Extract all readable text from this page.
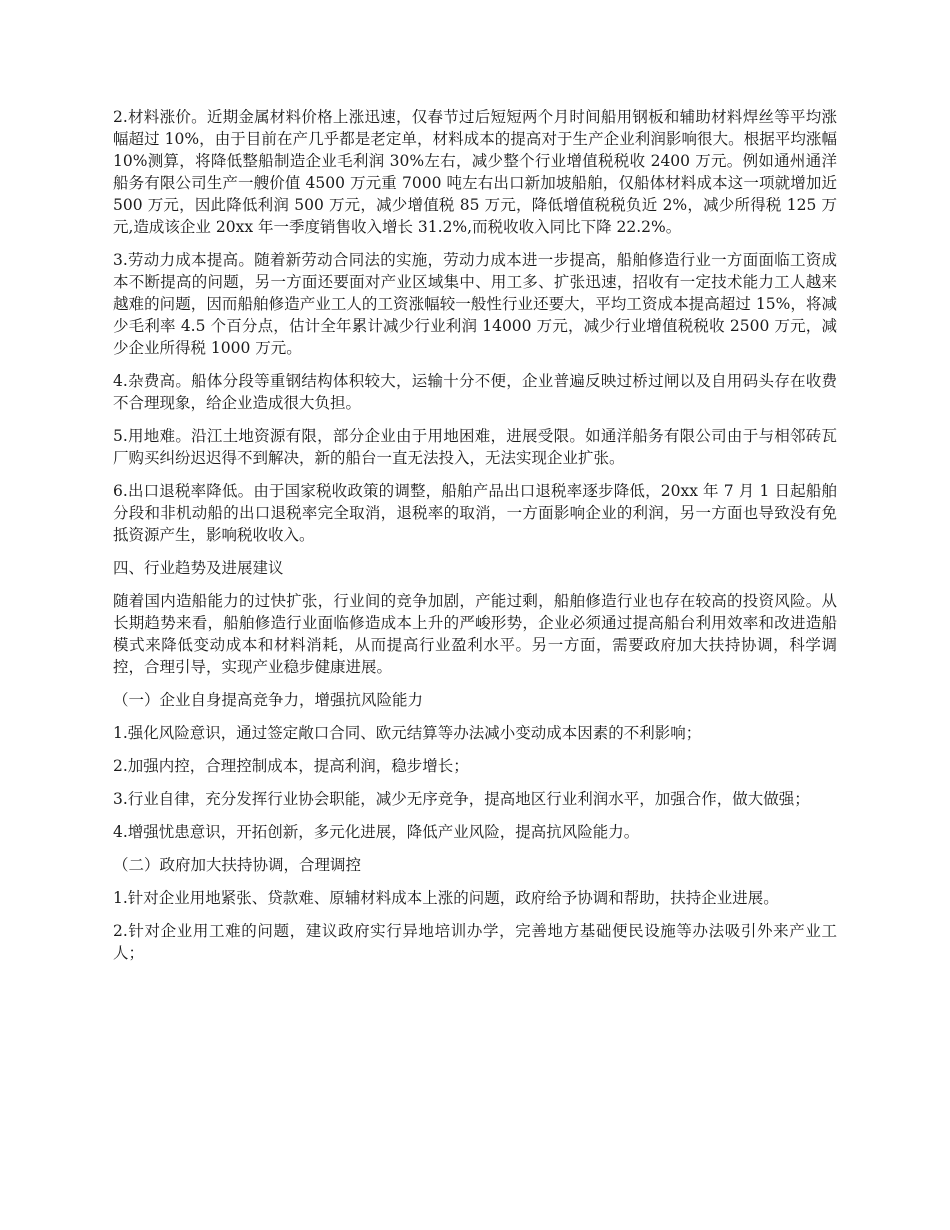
2.材料涨价。近期金属材料价格上涨迅速，仅春节过后短短两个月时间船用钢板和辅助材料焊丝等平均涨幅超过 10%，由于目前在产几乎都是老定单，材料成本的提高对于生产企业利润影响很大。根据平均涨幅 10%测算，将降低整船制造企业毛利润 30%左右，减少整个行业增值税税收 2400 万元。例如通州通洋船务有限公司生产一艘价值 4500 万元重 7000 吨左右出口新加坡船舶，仅船体材料成本这一项就增加近 500 万元，因此降低利润 500 万元，减少增值税 85 万元，降低增值税税负近 2%，减少所得税 125 万元,造成该企业 20xx 年一季度销售收入增长 31.2%,而税收收入同比下降 22.2%。

3.劳动力成本提高。随着新劳动合同法的实施，劳动力成本进一步提高，船舶修造行业一方面面临工资成本不断提高的问题，另一方面还要面对产业区域集中、用工多、扩张迅速，招收有一定技术能力工人越来越难的问题，因而船舶修造产业工人的工资涨幅较一般性行业还要大，平均工资成本提高超过 15%，将减少毛利率 4.5 个百分点，估计全年累计减少行业利润 14000 万元，减少行业增值税税收 2500 万元，减少企业所得税 1000 万元。

4.杂费高。船体分段等重钢结构体积较大，运输十分不便，企业普遍反映过桥过闸以及自用码头存在收费不合理现象，给企业造成很大负担。

5.用地难。沿江土地资源有限，部分企业由于用地困难，进展受限。如通洋船务有限公司由于与相邻砖瓦厂购买纠纷迟迟得不到解决，新的船台一直无法投入，无法实现企业扩张。

6.出口退税率降低。由于国家税收政策的调整，船舶产品出口退税率逐步降低，20xx 年 7 月 1 日起船舶分段和非机动船的出口退税率完全取消，退税率的取消，一方面影响企业的利润，另一方面也导致没有免抵资源产生，影响税收收入。

四、行业趋势及进展建议

随着国内造船能力的过快扩张，行业间的竞争加剧，产能过剩，船舶修造行业也存在较高的投资风险。从长期趋势来看，船舶修造行业面临修造成本上升的严峻形势，企业必须通过提高船台利用效率和改进造船模式来降低变动成本和材料消耗，从而提高行业盈利水平。另一方面，需要政府加大扶持协调，科学调控，合理引导，实现产业稳步健康进展。

（一）企业自身提高竞争力，增强抗风险能力

1.强化风险意识，通过签定敞口合同、欧元结算等办法减小变动成本因素的不利影响；

2.加强内控，合理控制成本，提高利润，稳步增长；

3.行业自律，充分发挥行业协会职能，减少无序竞争，提高地区行业利润水平，加强合作，做大做强；

4.增强忧患意识，开拓创新，多元化进展，降低产业风险，提高抗风险能力。

（二）政府加大扶持协调，合理调控

1.针对企业用地紧张、贷款难、原辅材料成本上涨的问题，政府给予协调和帮助，扶持企业进展。

2.针对企业用工难的问题，建议政府实行异地培训办学，完善地方基础便民设施等办法吸引外来产业工人；
